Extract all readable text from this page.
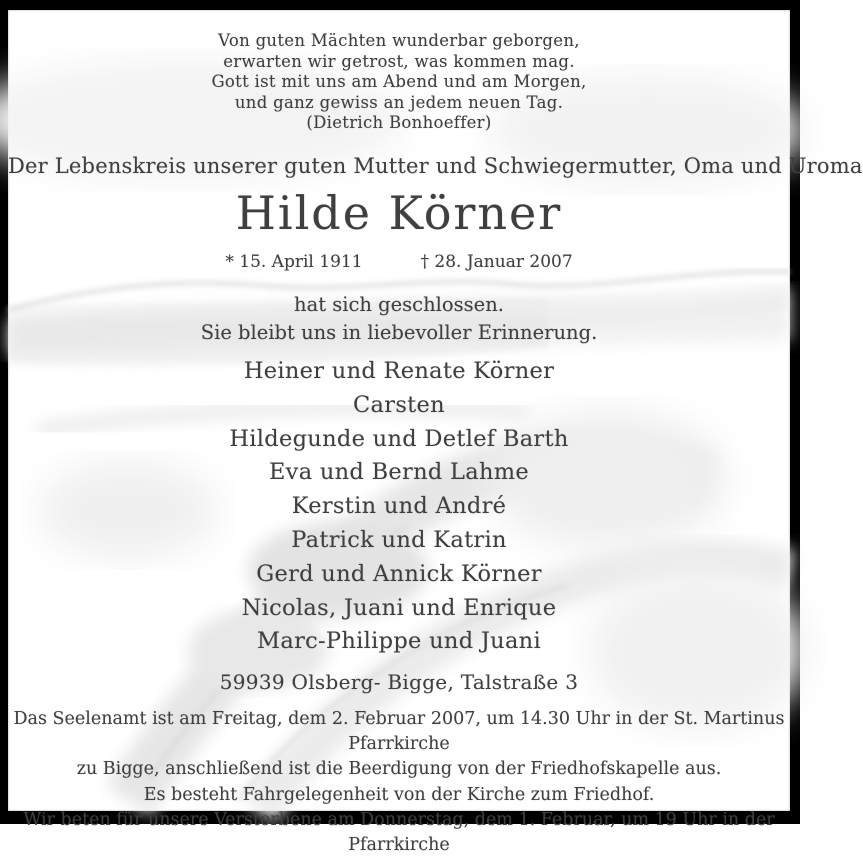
Von guten Mächten wunderbar geborgen,
erwarten wir getrost, was kommen mag.
Gott ist mit uns am Abend und am Morgen,
und ganz gewiss an jedem neuen Tag.
(Dietrich Bonhoeffer)
Der Lebenskreis unserer guten Mutter und Schwiegermutter, Oma und Uroma
Hilde Körner
* 15. April 1911	† 28. Januar 2007
hat sich geschlossen.
Sie bleibt uns in liebevoller Erinnerung.
Heiner und Renate Körner
Carsten
Hildegunde und Detlef Barth
Eva und Bernd Lahme
Kerstin und André
Patrick und Katrin
Gerd und Annick Körner
Nicolas, Juani und Enrique
Marc-Philippe und Juani
59939 Olsberg- Bigge, Talstraße 3
Das Seelenamt ist am Freitag, dem 2. Februar 2007, um 14.30 Uhr in der St. Martinus Pfarrkirche
zu Bigge, anschließend ist die Beerdigung von der Friedhofskapelle aus.
Es besteht Fahrgelegenheit von der Kirche zum Friedhof.
Wir beten für unsere Verstorbene am Donnerstag, dem 1. Februar, um 19 Uhr in der Pfarrkirche
